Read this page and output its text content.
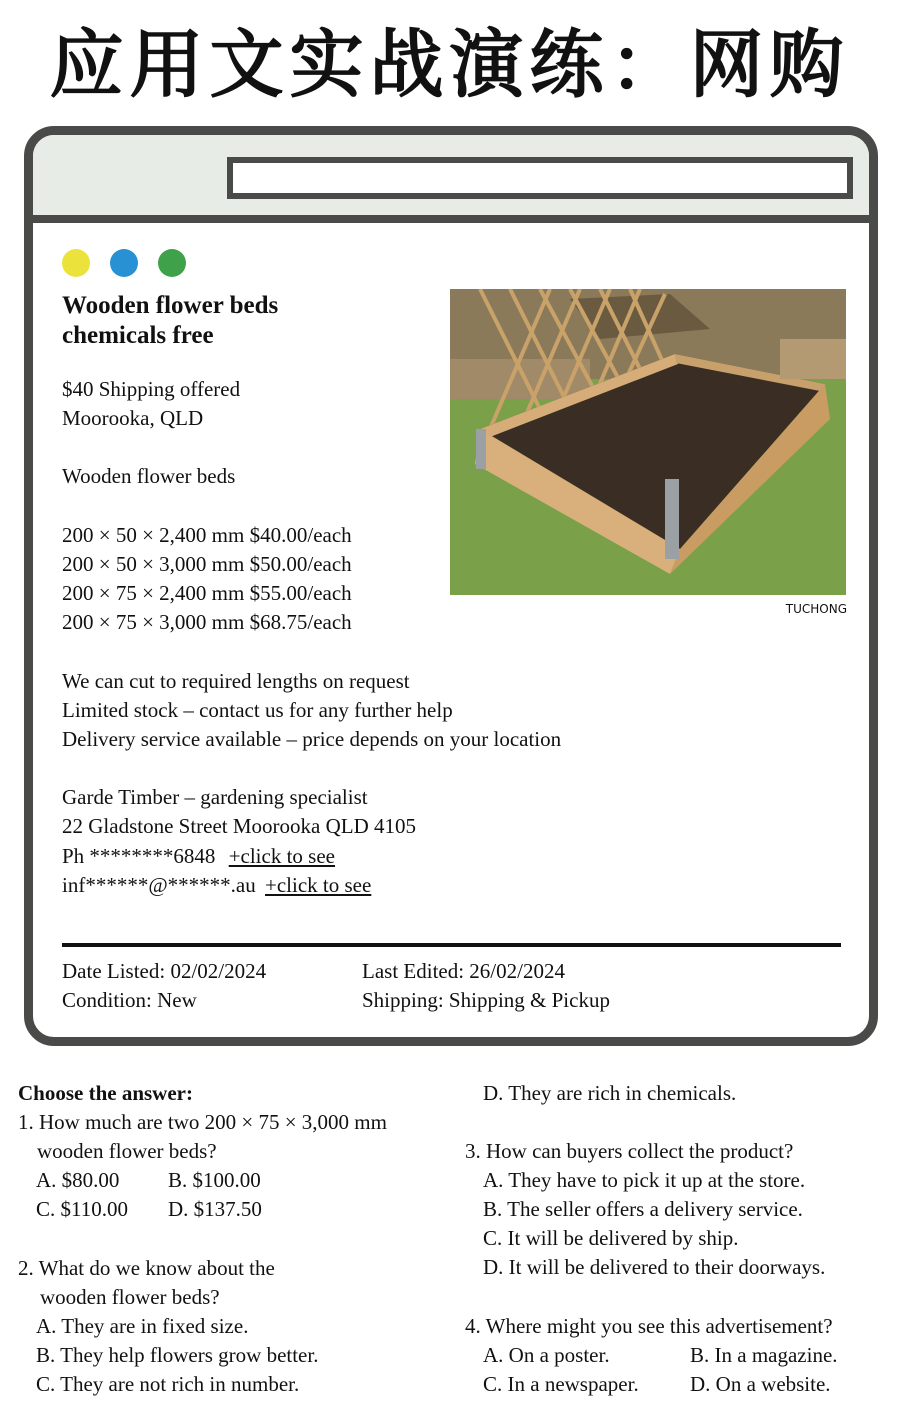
应用文实战演练：网购
Wooden flower beds
chemicals free
$40 Shipping offered
Moorooka, QLD
Wooden flower beds
200 × 50 × 2,400 mm $40.00/each
200 × 50 × 3,000 mm $50.00/each
200 × 75 × 2,400 mm $55.00/each
200 × 75 × 3,000 mm $68.75/each
We can cut to required lengths on request
Limited stock – contact us for any further help
Delivery service available – price depends on your location
Garde Timber – gardening specialist
22 Gladstone Street Moorooka QLD 4105
Ph ********6848 +click to see
inf******@******.au +click to see
TUCHONG
Date Listed: 02/02/2024
Condition: New
Last Edited: 26/02/2024
Shipping: Shipping & Pickup
Choose the answer:
1. How much are two 200 × 75 × 3,000 mm
wooden flower beds?
A. $80.00 B. $100.00
C. $110.00 D. $137.50
2. What do we know about the
wooden flower beds?
A. They are in fixed size.
B. They help flowers grow better.
C. They are not rich in number.
D. They are rich in chemicals.
3. How can buyers collect the product?
A. They have to pick it up at the store.
B. The seller offers a delivery service.
C. It will be delivered by ship.
D. It will be delivered to their doorways.
4. Where might you see this advertisement?
A. On a poster.	B. In a magazine.
C. In a newspaper. D. On a website.
